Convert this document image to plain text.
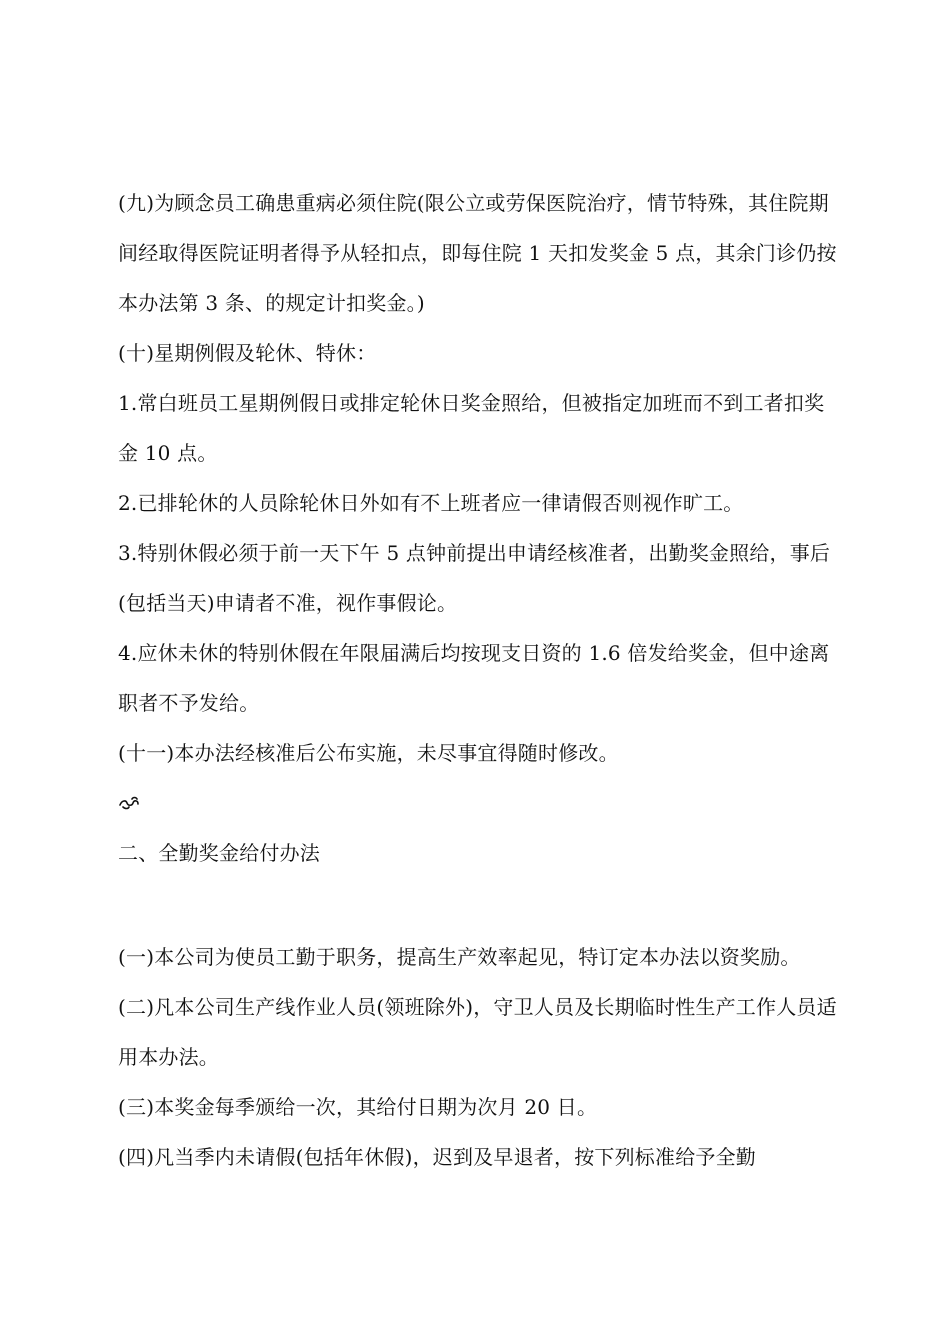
(九)为顾念员工确患重病必须住院(限公立或劳保医院治疗，情节特殊，其住院期间经取得医院证明者得予从轻扣点，即每住院 1 天扣发奖金 5 点，其余门诊仍按本办法第 3 条、的规定计扣奖金。)

(十)星期例假及轮休、特休：

1.常白班员工星期例假日或排定轮休日奖金照给，但被指定加班而不到工者扣奖金 10 点。

2.已排轮休的人员除轮休日外如有不上班者应一律请假否则视作旷工。

3.特别休假必须于前一天下午 5 点钟前提出申请经核准者，出勤奖金照给，事后(包括当天)申请者不准，视作事假论。

4.应休未休的特别休假在年限届满后均按现支日资的 1.6 倍发给奖金，但中途离职者不予发给。

(十一)本办法经核准后公布实施，未尽事宜得随时修改。

二、全勤奖金给付办法

(一)本公司为使员工勤于职务，提高生产效率起见，特订定本办法以资奖励。

(二)凡本公司生产线作业人员(领班除外)，守卫人员及长期临时性生产工作人员适用本办法。

(三)本奖金每季颁给一次，其给付日期为次月 20 日。

(四)凡当季内未请假(包括年休假)，迟到及早退者，按下列标准给予全勤
